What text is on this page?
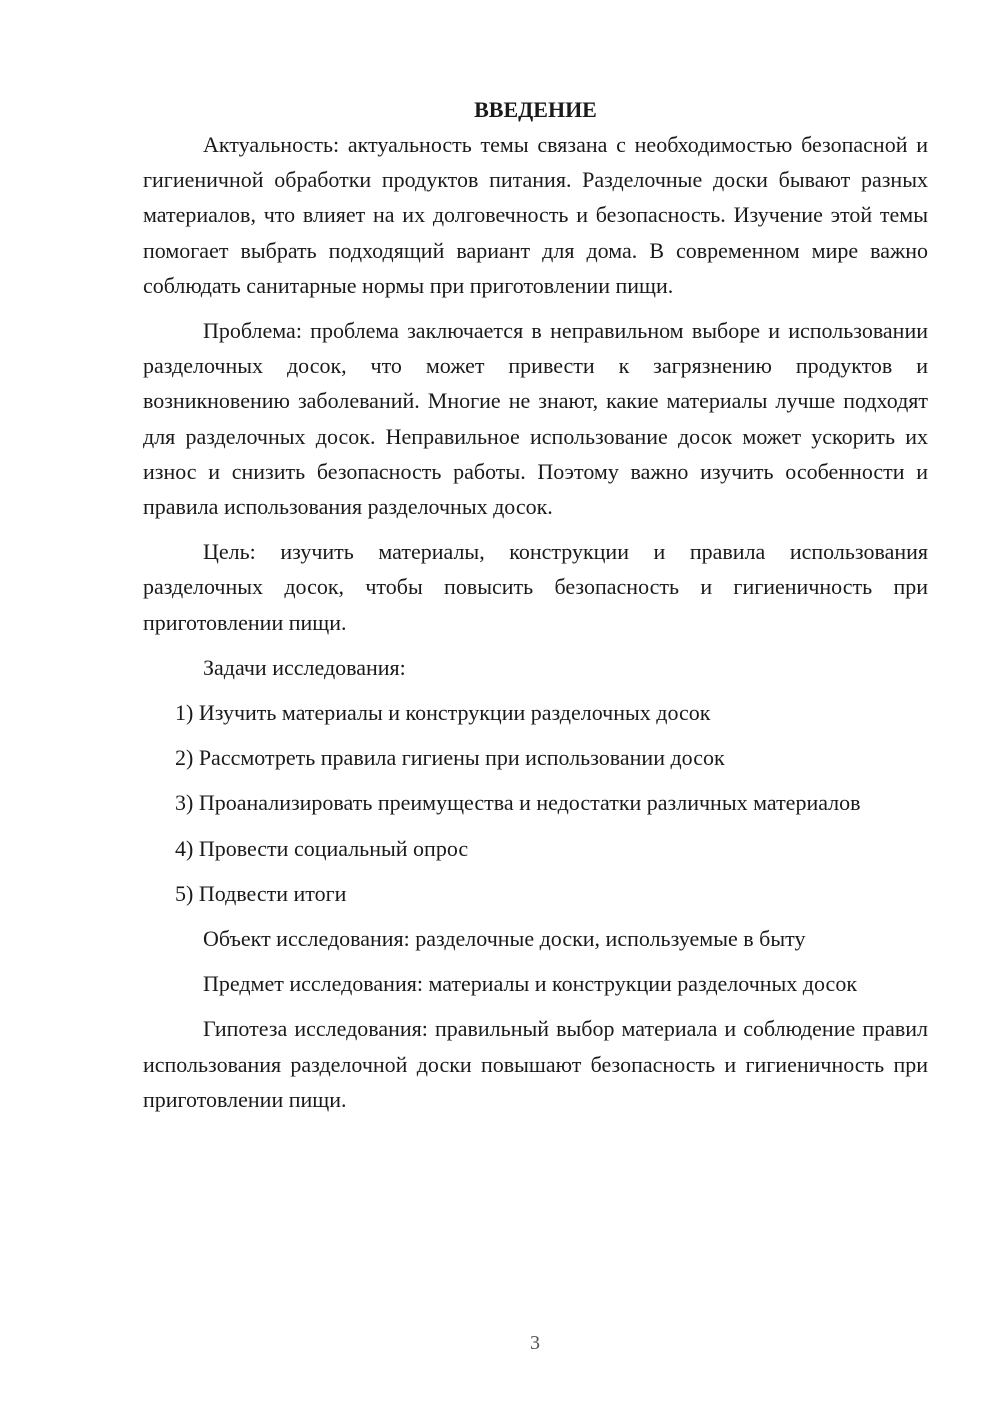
ВВЕДЕНИЕ

Актуальность: актуальность темы связана с необходимостью безопасной и гигиеничной обработки продуктов питания. Разделочные доски бывают разных материалов, что влияет на их долговечность и безопасность. Изучение этой темы помогает выбрать подходящий вариант для дома. В современном мире важно соблюдать санитарные нормы при приготовлении пищи.

Проблема: проблема заключается в неправильном выборе и использовании разделочных досок, что может привести к загрязнению продуктов и возникновению заболеваний. Многие не знают, какие материалы лучше подходят для разделочных досок. Неправильное использование досок может ускорить их износ и снизить безопасность работы. Поэтому важно изучить особенности и правила использования разделочных досок.

Цель: изучить материалы, конструкции и правила использования разделочных досок, чтобы повысить безопасность и гигиеничность при приготовлении пищи.

Задачи исследования:

1) Изучить материалы и конструкции разделочных досок

2) Рассмотреть правила гигиены при использовании досок

3) Проанализировать преимущества и недостатки различных материалов

4) Провести социальный опрос

5) Подвести итоги

Объект исследования: разделочные доски, используемые в быту

Предмет исследования: материалы и конструкции разделочных досок

Гипотеза исследования: правильный выбор материала и соблюдение правил использования разделочной доски повышают безопасность и гигиеничность при приготовлении пищи.

3
